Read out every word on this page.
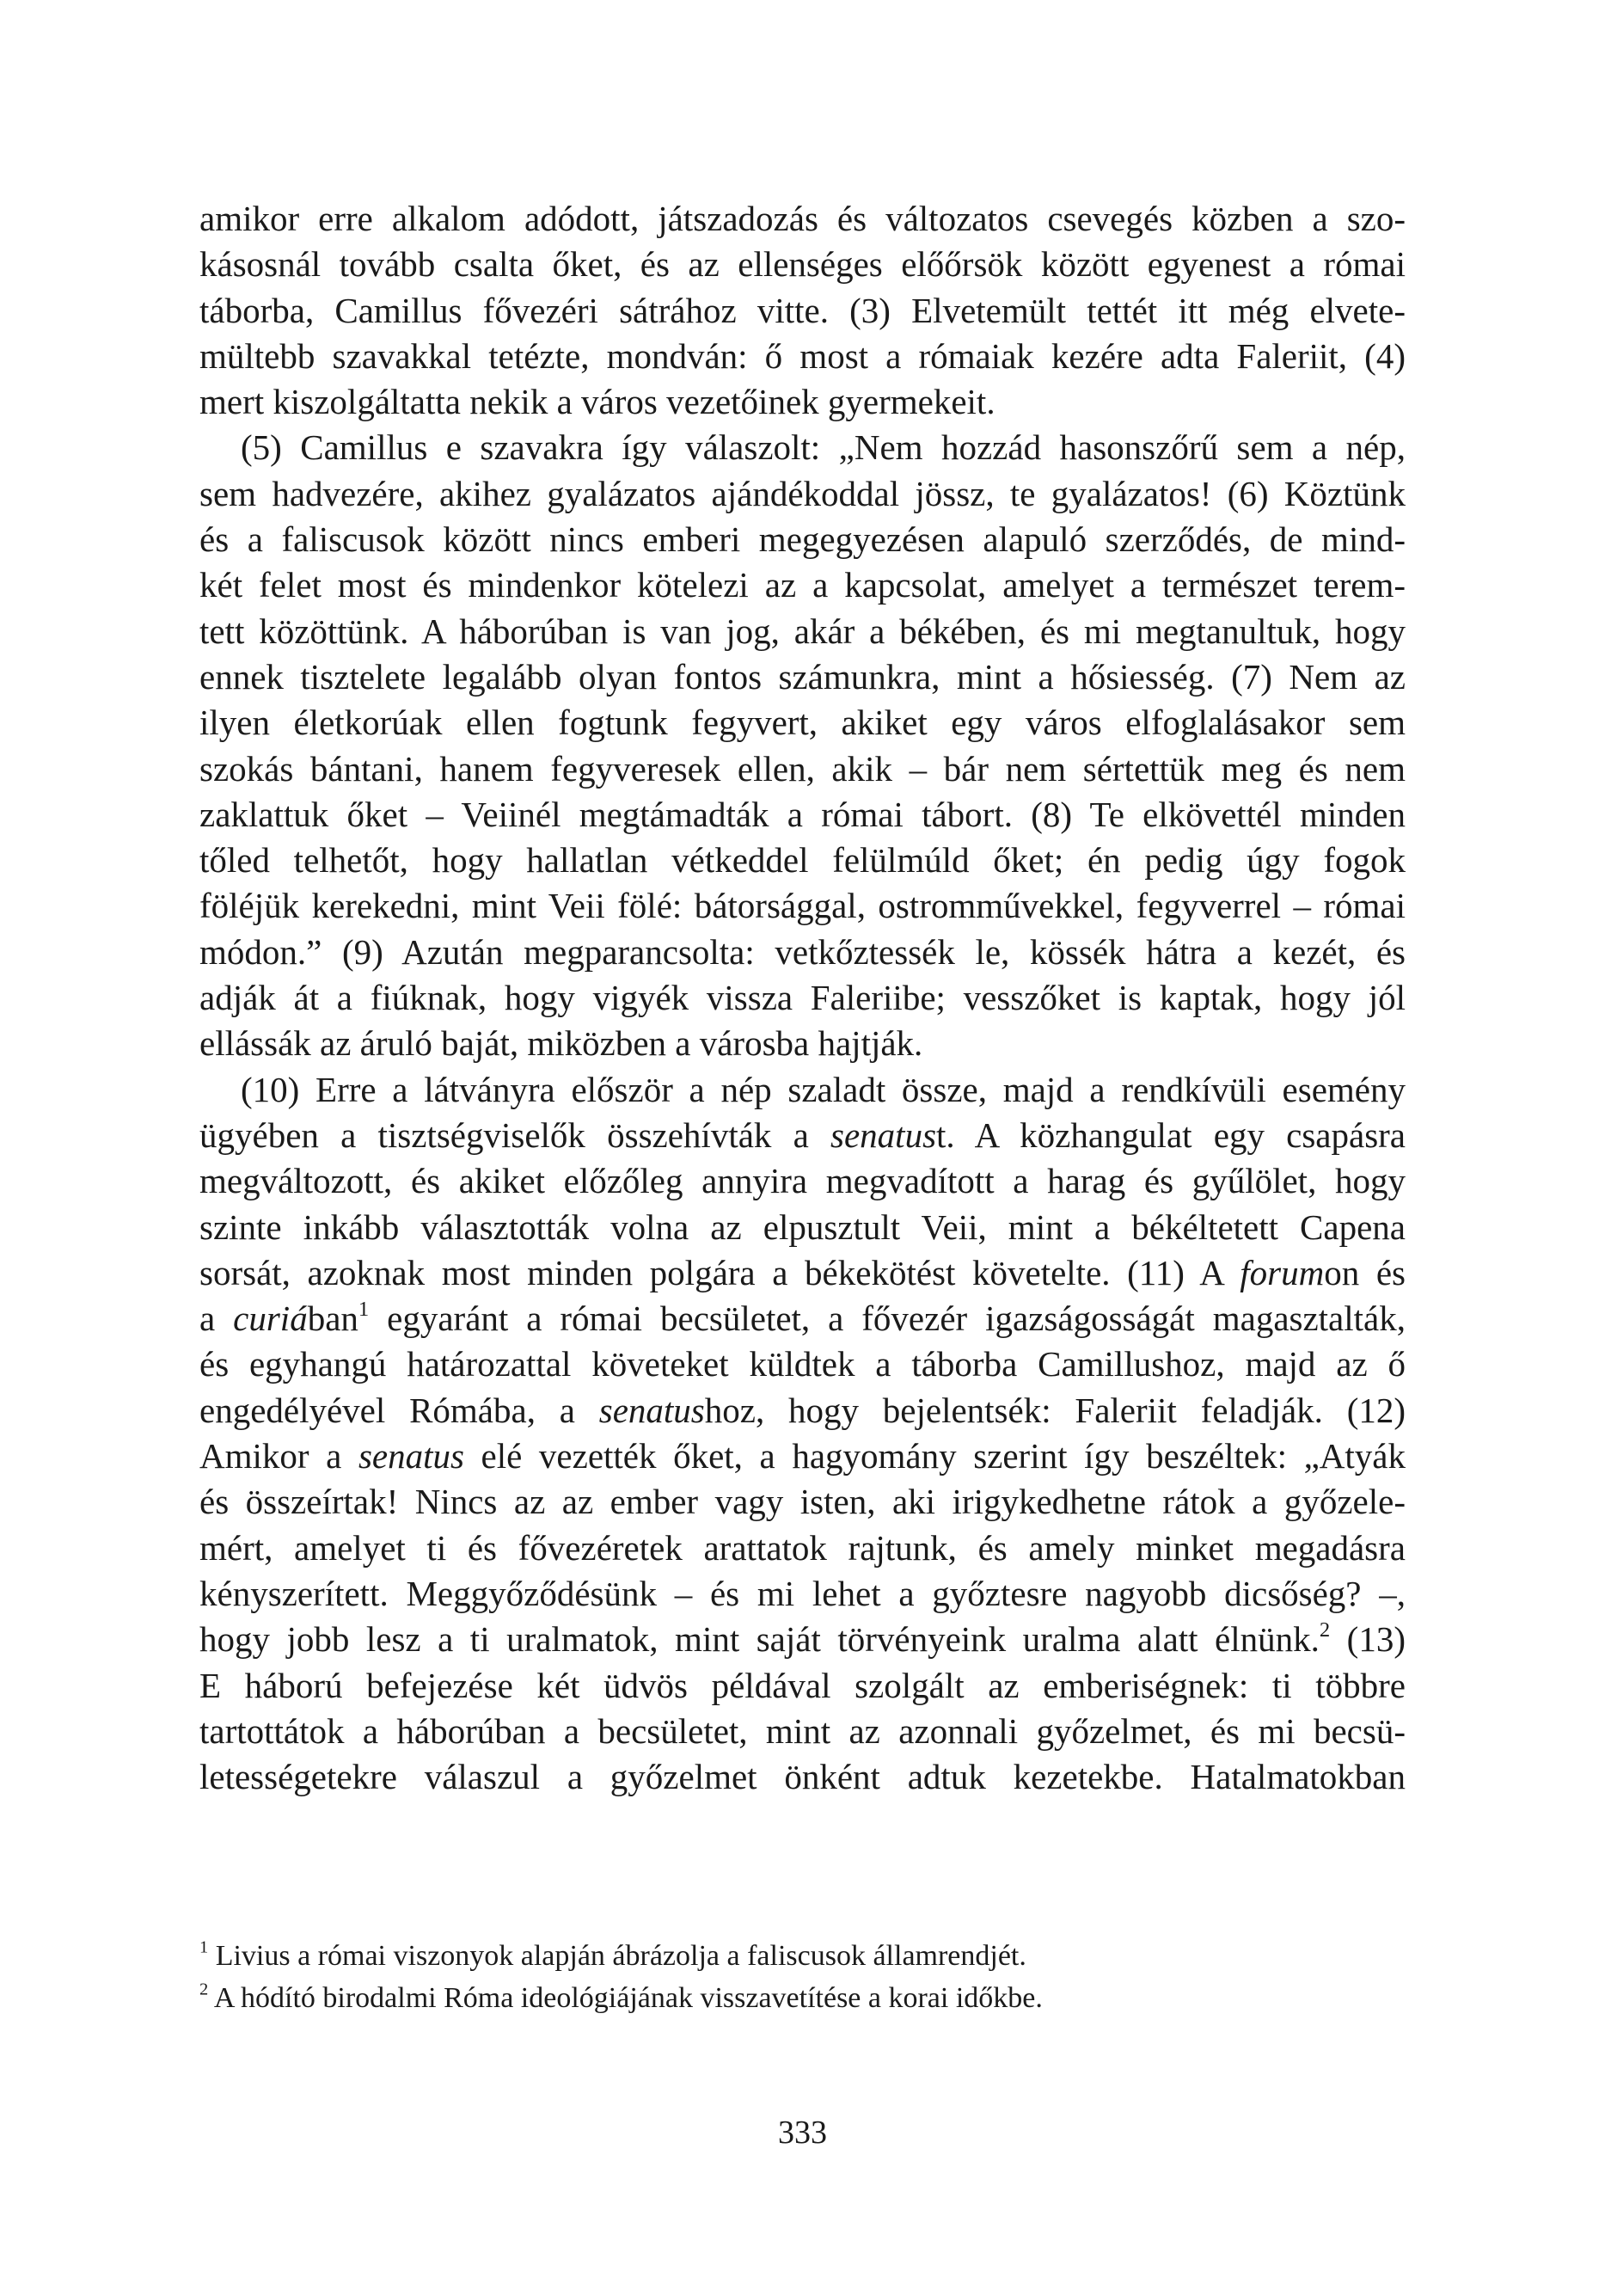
amikor erre alkalom adódott, játszadozás és változatos csevegés közben a szo-
kásosnál tovább csalta őket, és az ellenséges előőrsök között egyenest a római
táborba, Camillus fővezéri sátrához vitte. (3) Elvetemült tettét itt még elvete-
mültebb szavakkal tetézte, mondván: ő most a rómaiak kezére adta Faleriit, (4)
mert kiszolgáltatta nekik a város vezetőinek gyermekeit.
(5) Camillus e szavakra így válaszolt: „Nem hozzád hasonszőrű sem a nép,
sem hadvezére, akihez gyalázatos ajándékoddal jössz, te gyalázatos! (6) Köztünk
és a faliscusok között nincs emberi megegyezésen alapuló szerződés, de mind-
két felet most és mindenkor kötelezi az a kapcsolat, amelyet a természet terem-
tett közöttünk. A háborúban is van jog, akár a békében, és mi megtanultuk, hogy
ennek tisztelete legalább olyan fontos számunkra, mint a hősiesség. (7) Nem az
ilyen életkorúak ellen fogtunk fegyvert, akiket egy város elfoglalásakor sem
szokás bántani, hanem fegyveresek ellen, akik – bár nem sértettük meg és nem
zaklattuk őket – Veiinél megtámadták a római tábort. (8) Te elkövettél minden
tőled telhetőt, hogy hallatlan vétkeddel felülmúld őket; én pedig úgy fogok
föléjük kerekedni, mint Veii fölé: bátorsággal, ostromművekkel, fegyverrel – római
módon.” (9) Azután megparancsolta: vetkőztessék le, kössék hátra a kezét, és
adják át a fiúknak, hogy vigyék vissza Faleriibe; vesszőket is kaptak, hogy jól
ellássák az áruló baját, miközben a városba hajtják.
(10) Erre a látványra először a nép szaladt össze, majd a rendkívüli esemény
ügyében a tisztségviselők összehívták a senatust. A közhangulat egy csapásra
megváltozott, és akiket előzőleg annyira megvadított a harag és gyűlölet, hogy
szinte inkább választották volna az elpusztult Veii, mint a békéltetett Capena
sorsát, azoknak most minden polgára a békekötést követelte. (11) A forumon és
a curiában$^1$ egyaránt a római becsületet, a fővezér igazságosságát magasztalták,
és egyhangú határozattal követeket küldtek a táborba Camillushoz, majd az ő
engedélyével Rómába, a senatushoz, hogy bejelentsék: Faleriit feladják. (12)
Amikor a senatus elé vezették őket, a hagyomány szerint így beszéltek: „Atyák
és összeírtak! Nincs az az ember vagy isten, aki irigykedhetne rátok a győzele-
mért, amelyet ti és fővezéretek arattatok rajtunk, és amely minket megadásra
kényszerített. Meggyőződésünk – és mi lehet a győztesre nagyobb dicsőség? –,
hogy jobb lesz a ti uralmatok, mint saját törvényeink uralma alatt élnünk.$^2$ (13)
E háború befejezése két üdvös példával szolgált az emberiségnek: ti többre
tartottátok a háborúban a becsületet, mint az azonnali győzelmet, és mi becsü-
letességetekre válaszul a győzelmet önként adtuk kezetekbe. Hatalmatokban
$^1$ Livius a római viszonyok alapján ábrázolja a faliscusok államrendjét.
$^2$ A hódító birodalmi Róma ideológiájának visszavetítése a korai időkbe.
333
